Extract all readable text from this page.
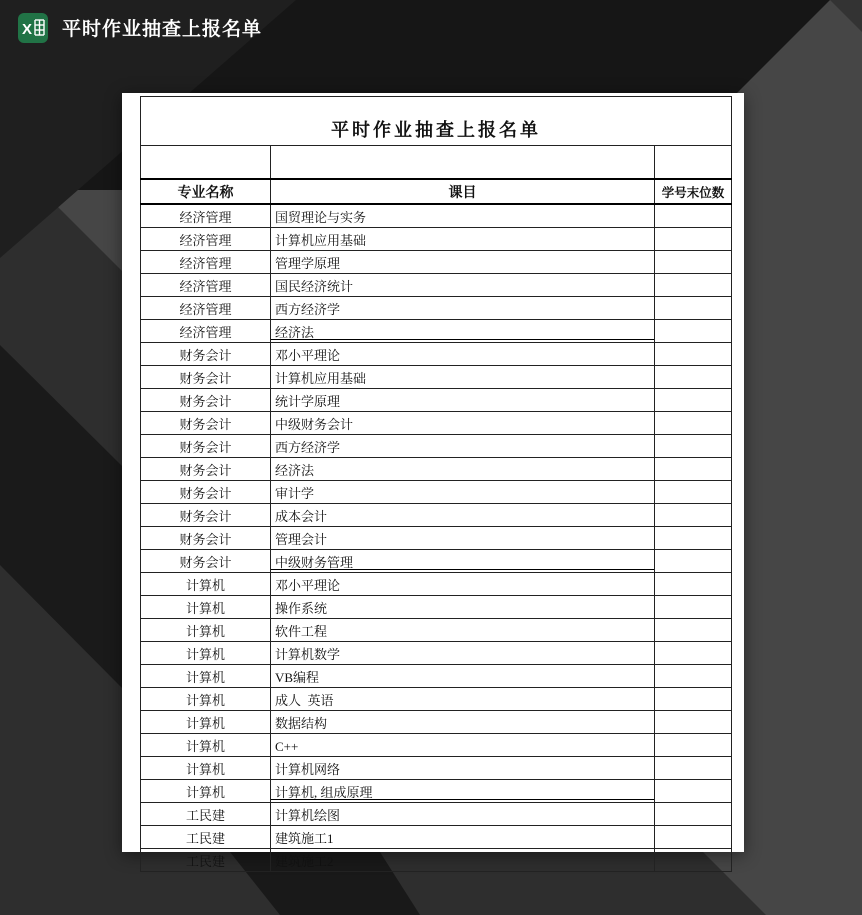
X 平时作业抽查上报名单
平时作业抽查上报名单		

专业名称	课目	学号末位数
经济管理	国贸理论与实务	
经济管理	计算机应用基础	
经济管理	管理学原理	
经济管理	国民经济统计	
经济管理	西方经济学	
经济管理	经济法	
财务会计	邓小平理论	
财务会计	计算机应用基础	
财务会计	统计学原理	
财务会计	中级财务会计	
财务会计	西方经济学	
财务会计	经济法	
财务会计	审计学	
财务会计	成本会计	
财务会计	管理会计	
财务会计	中级财务管理	
计算机	邓小平理论	
计算机	操作系统	
计算机	软件工程	
计算机	计算机数学	
计算机	VB编程	
计算机	成人  英语	
计算机	数据结构	
计算机	C++	
计算机	计算机网络	
计算机	计算机, 组成原理	
工民建	计算机绘图	
工民建	建筑施工1	
工民建	建筑施工2	
